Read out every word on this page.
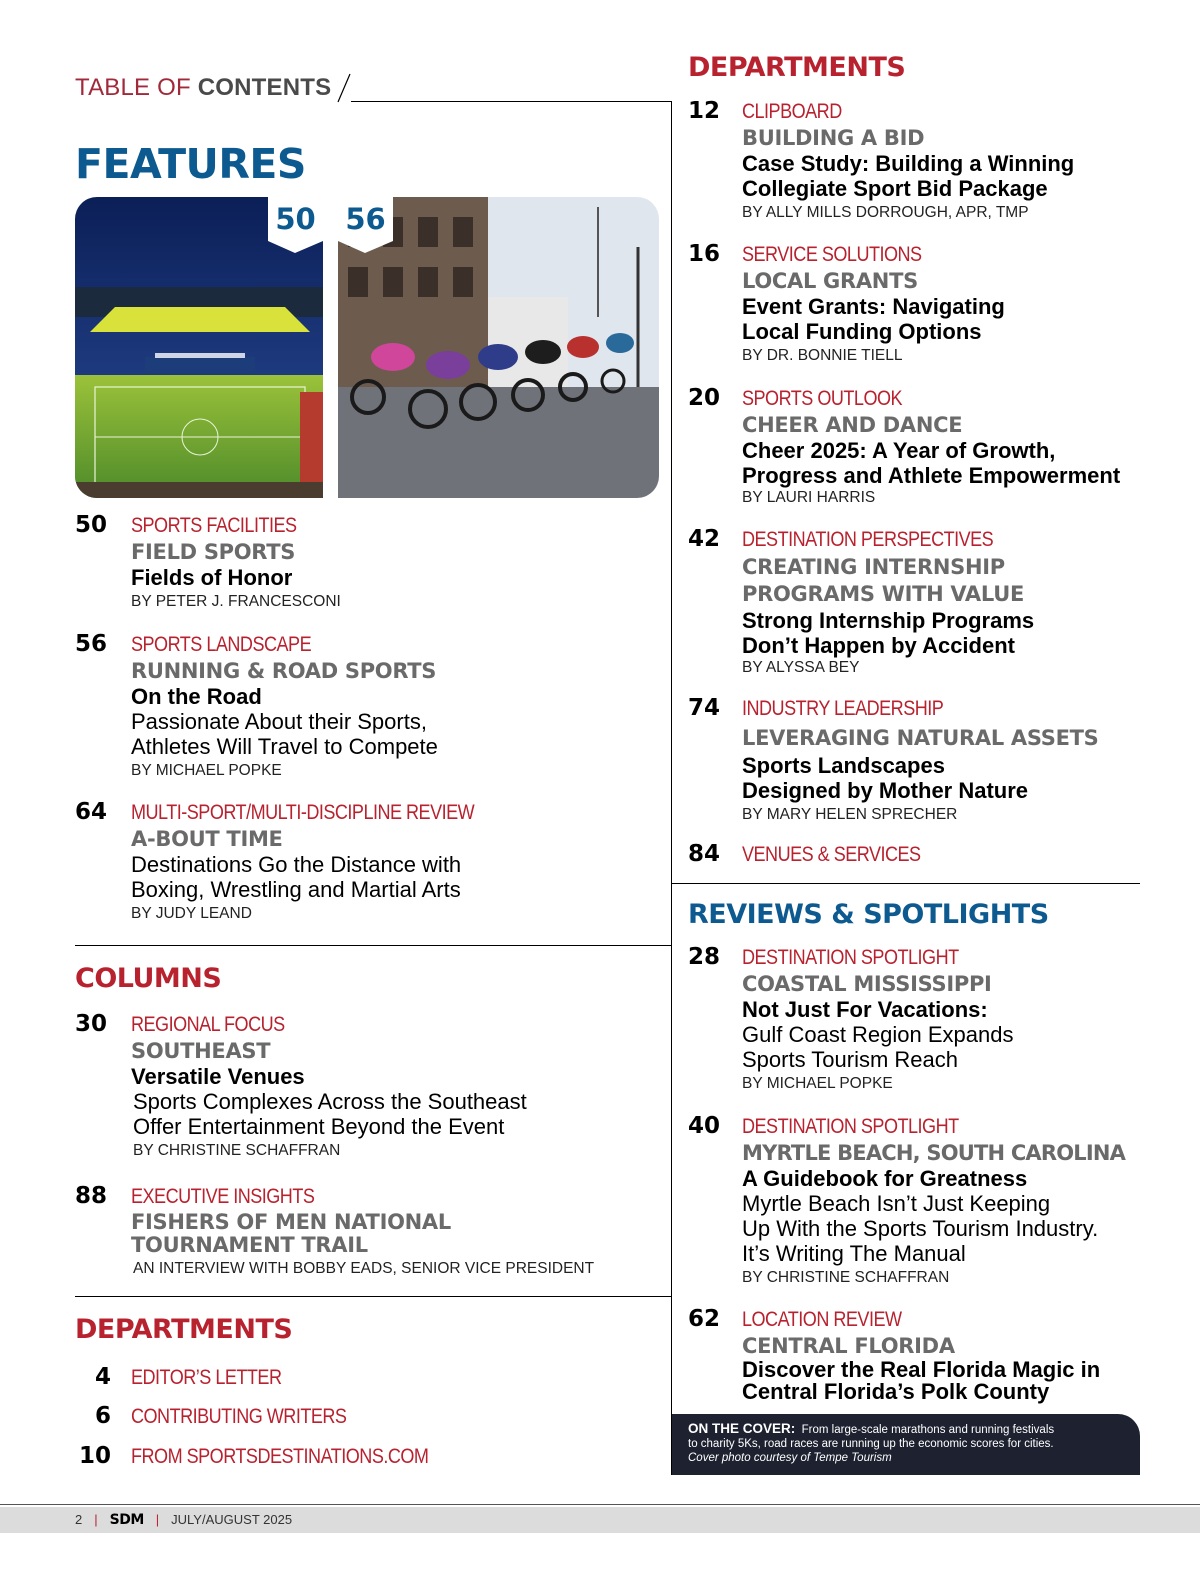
TABLE OF CONTENTS
FEATURES
50 56
50 SPORTS FACILITIES
FIELD SPORTS
Fields of Honor
BY PETER J. FRANCESCONI
56 SPORTS LANDSCAPE
RUNNING & ROAD SPORTS
On the Road
Passionate About their Sports,
Athletes Will Travel to Compete
BY MICHAEL POPKE
64 MULTI-SPORT/MULTI-DISCIPLINE REVIEW
A-BOUT TIME
Destinations Go the Distance with
Boxing, Wrestling and Martial Arts
BY JUDY LEAND
COLUMNS
30 REGIONAL FOCUS
SOUTHEAST
Versatile Venues
Sports Complexes Across the Southeast
Offer Entertainment Beyond the Event
BY CHRISTINE SCHAFFRAN
88 EXECUTIVE INSIGHTS
FISHERS OF MEN NATIONAL
TOURNAMENT TRAIL
AN INTERVIEW WITH BOBBY EADS, SENIOR VICE PRESIDENT
DEPARTMENTS
4 EDITOR’S LETTER
6 CONTRIBUTING WRITERS
10 FROM SPORTSDESTINATIONS.COM
DEPARTMENTS
12 CLIPBOARD
BUILDING A BID
Case Study: Building a Winning
Collegiate Sport Bid Package
BY ALLY MILLS DORROUGH, APR, TMP
16 SERVICE SOLUTIONS
LOCAL GRANTS
Event Grants: Navigating
Local Funding Options
BY DR. BONNIE TIELL
20 SPORTS OUTLOOK
CHEER AND DANCE
Cheer 2025: A Year of Growth,
Progress and Athlete Empowerment
BY LAURI HARRIS
42 DESTINATION PERSPECTIVES
CREATING INTERNSHIP
PROGRAMS WITH VALUE
Strong Internship Programs
Don’t Happen by Accident
BY ALYSSA BEY
74 INDUSTRY LEADERSHIP
LEVERAGING NATURAL ASSETS
Sports Landscapes
Designed by Mother Nature
BY MARY HELEN SPRECHER
84 VENUES & SERVICES
REVIEWS & SPOTLIGHTS
28 DESTINATION SPOTLIGHT
COASTAL MISSISSIPPI
Not Just For Vacations:
Gulf Coast Region Expands
Sports Tourism Reach
BY MICHAEL POPKE
40 DESTINATION SPOTLIGHT
MYRTLE BEACH, SOUTH CAROLINA
A Guidebook for Greatness
Myrtle Beach Isn’t Just Keeping
Up With the Sports Tourism Industry.
It’s Writing The Manual
BY CHRISTINE SCHAFFRAN
62 LOCATION REVIEW
CENTRAL FLORIDA
Discover the Real Florida Magic in
Central Florida’s Polk County
ON THE COVER: From large-scale marathons and running festivals
to charity 5Ks, road races are running up the economic scores for cities.
Cover photo courtesy of Tempe Tourism
2 | SDM | JULY/AUGUST 2025
